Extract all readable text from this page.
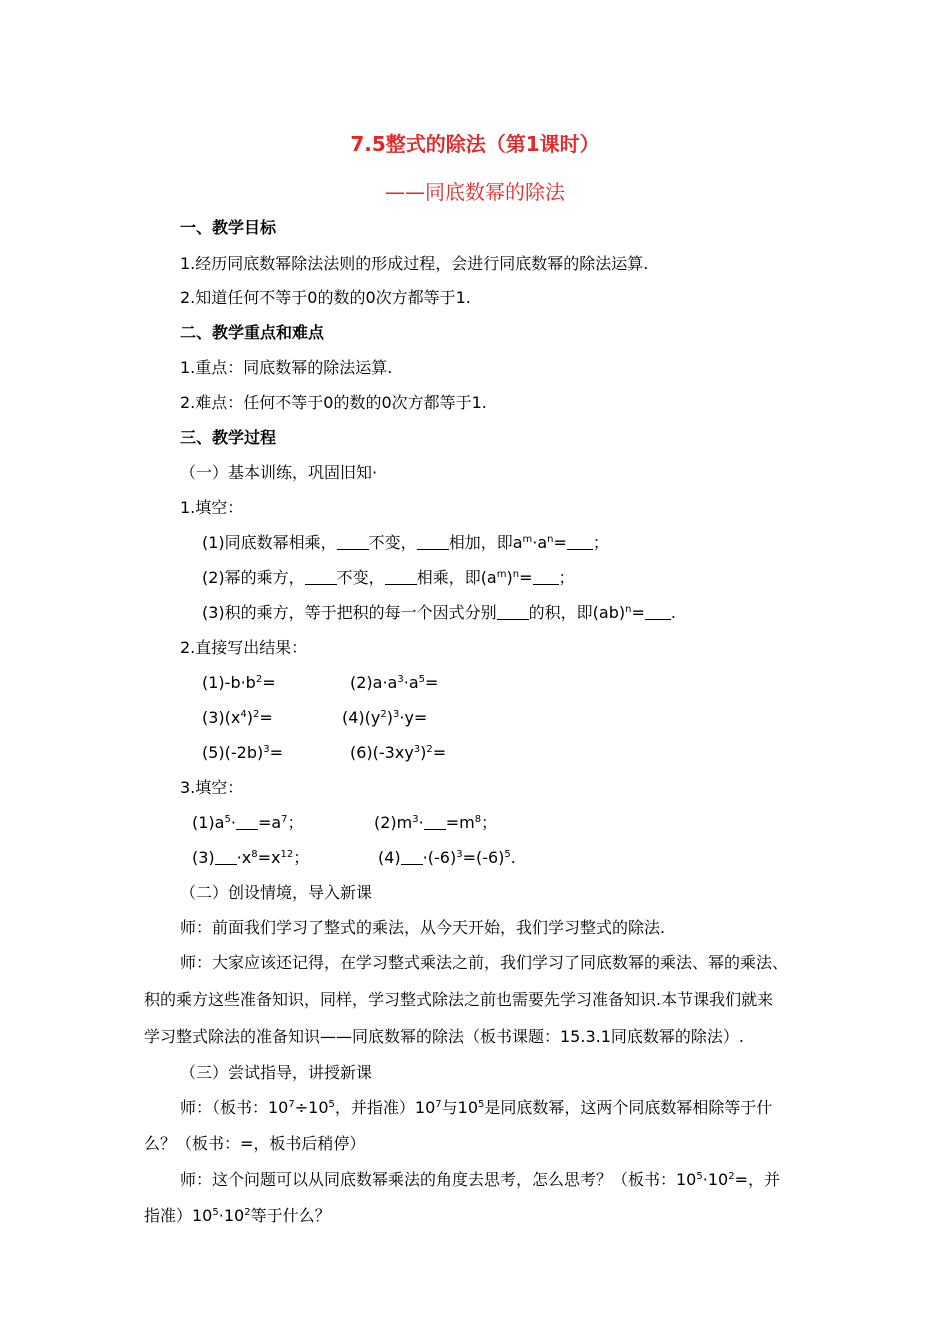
7.5整式的除法（第1课时）
——同底数幂的除法
一、教学目标
1.经历同底数幂除法法则的形成过程，会进行同底数幂的除法运算.
2.知道任何不等于0的数的0次方都等于1.
二、教学重点和难点
1.重点：同底数幂的除法运算.
2.难点：任何不等于0的数的0次方都等于1.
三、教学过程
（一）基本训练，巩固旧知·
1.填空：
(1)同底数幂相乘， 不变， 相加，即$a^m\cdot a^n=$ ；
(2)幂的乘方， 不变， 相乘，即$(a^m)^n=$ ；
(3)积的乘方，等于把积的每一个因式分别 的积，即(ab)$^n$= .
2.直接写出结果：
$(1)-b\cdot b^2=$	$(2)a\cdot a^3\cdot a^5=$
$(3)(x^4)^2=$	$(4)(y^2)^3\cdot y=$
$(5)(-2b)^3=$	$(6)(-3xy^3)^2=$
3.填空：
$(1)a^5\cdot =a^7$；	$(2)m^3\cdot =m^8$；
$(3) \cdot x^8=x^{12}$；	$(4) \cdot(-6)^3=(-6)^5$.
（二）创设情境，导入新课
师：前面我们学习了整式的乘法，从今天开始，我们学习整式的除法.
师：大家应该还记得，在学习整式乘法之前，我们学习了同底数幂的乘法、幂的乘法、
积的乘方这些准备知识，同样，学习整式除法之前也需要先学习准备知识.本节课我们就来
学习整式除法的准备知识——同底数幂的除法（板书课题：15.3.1同底数幂的除法）.
（三）尝试指导，讲授新课
师：（板书：$10^7\div 10^5$，并指准）$10^7$与$10^5$是同底数幂，这两个同底数幂相除等于什
么？（板书：=，板书后稍停）
师：这个问题可以从同底数幂乘法的角度去思考，怎么思考？（板书：$10^5\cdot 10^2=$，并
指准）$10^5\cdot 10^2$等于什么？
